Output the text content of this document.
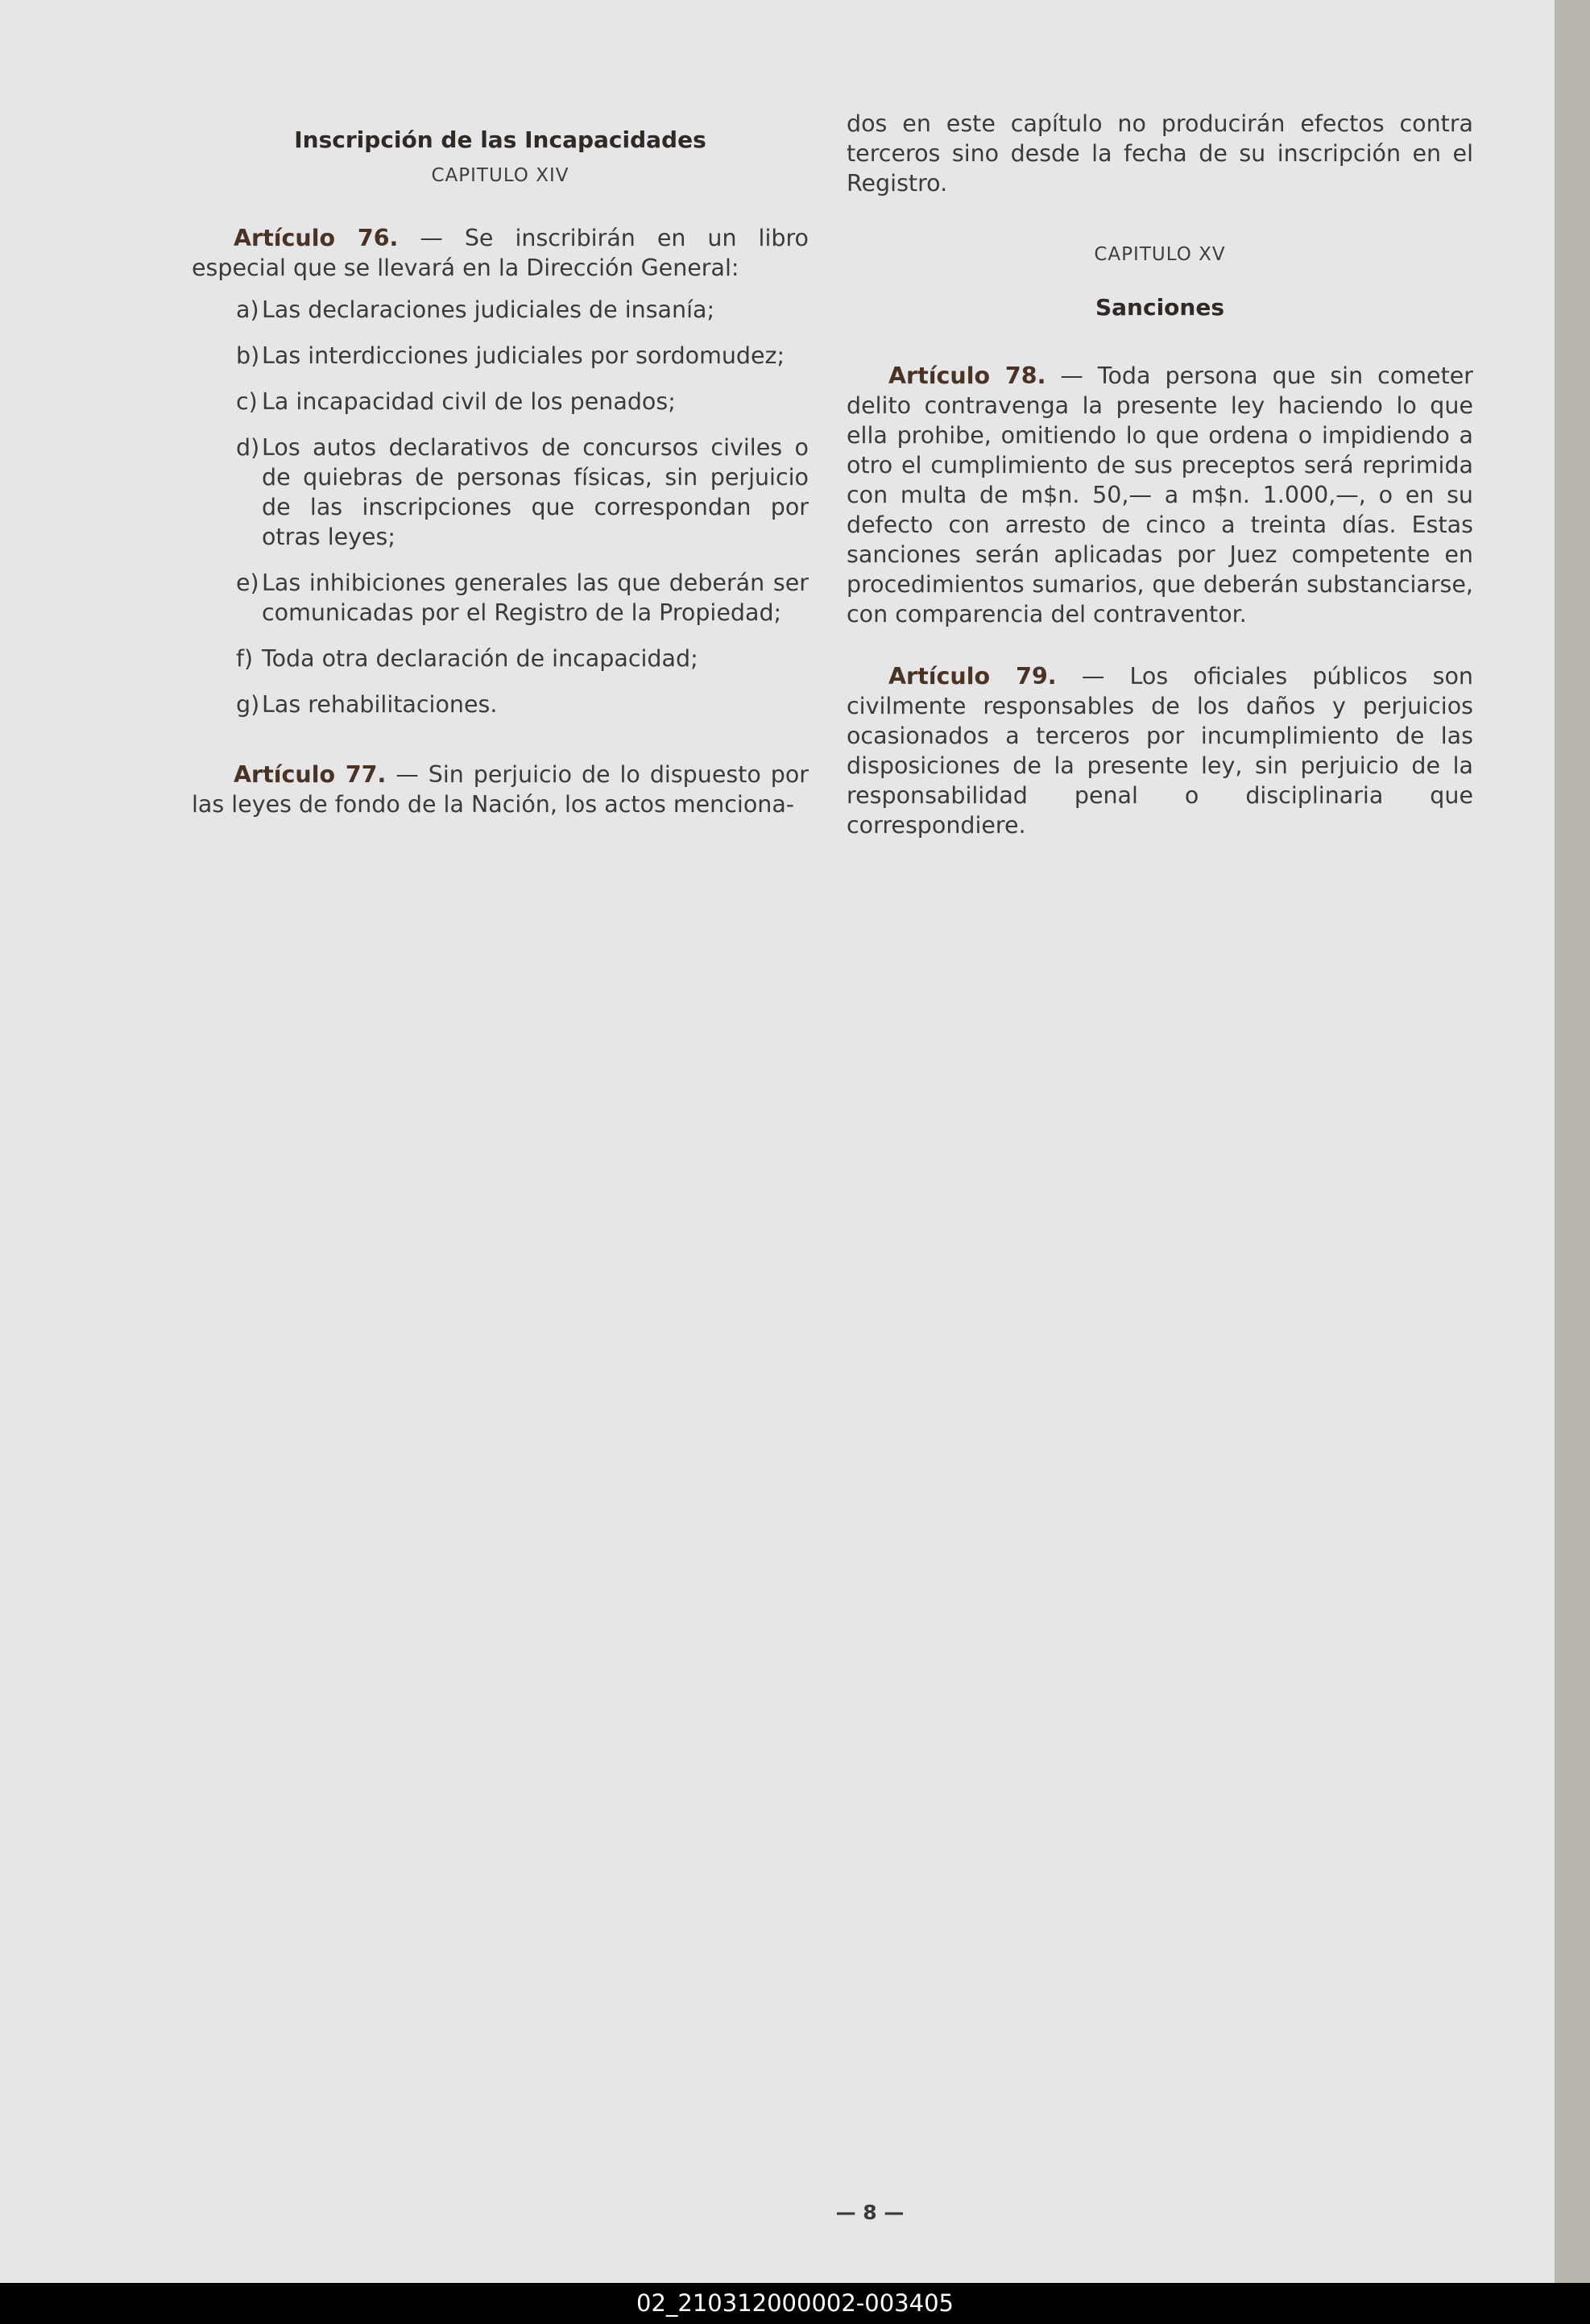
Inscripción de las Incapacidades

CAPITULO XIV

Artículo 76. — Se inscribirán en un libro especial que se llevará en la Dirección General:

a) Las declaraciones judiciales de insanía;
b) Las interdicciones judiciales por sordomudez;
c) La incapacidad civil de los penados;
d) Los autos declarativos de concursos civiles o de quiebras de personas físicas, sin perjuicio de las inscripciones que correspondan por otras leyes;
e) Las inhibiciones generales las que deberán ser comunicadas por el Registro de la Propiedad;
f) Toda otra declaración de incapacidad;
g) Las rehabilitaciones.

Artículo 77. — Sin perjuicio de lo dispuesto por las leyes de fondo de la Nación, los actos menciona-

dos en este capítulo no producirán efectos contra terceros sino desde la fecha de su inscripción en el Registro.

CAPITULO XV

Sanciones

Artículo 78. — Toda persona que sin cometer delito contravenga la presente ley haciendo lo que ella prohibe, omitiendo lo que ordena o impidiendo a otro el cumplimiento de sus preceptos será reprimida con multa de m$n. 50,— a m$n. 1.000,—, o en su defecto con arresto de cinco a treinta días. Estas sanciones serán aplicadas por Juez competente en procedimientos sumarios, que deberán substanciarse, con comparencia del contraventor.

Artículo 79. — Los oficiales públicos son civilmente responsables de los daños y perjuicios ocasionados a terceros por incumplimiento de las disposiciones de la presente ley, sin perjuicio de la responsabilidad penal o disciplinaria que correspondiere.

— 8 —
02_210312000002-003405
